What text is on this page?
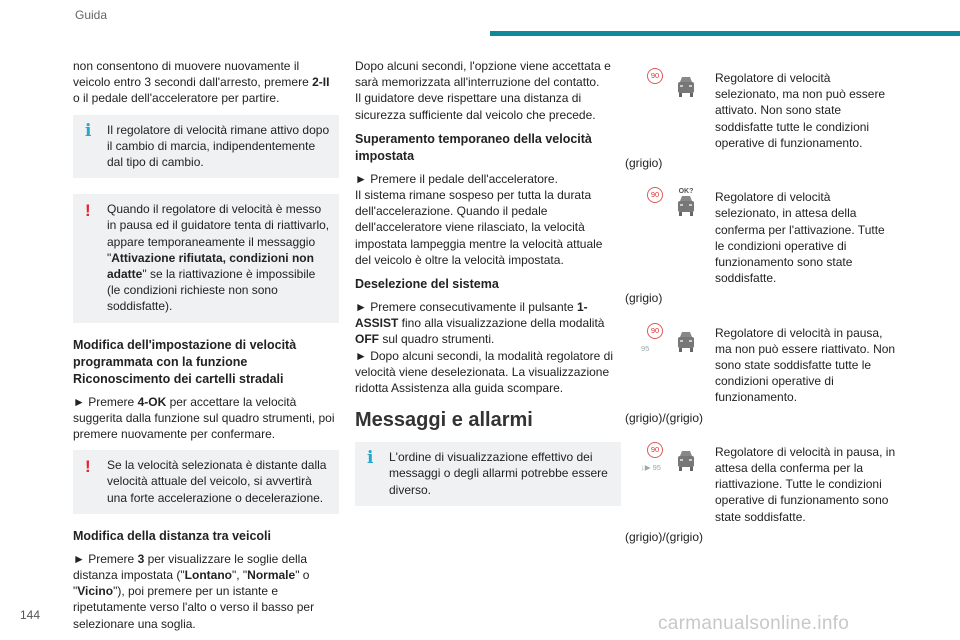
Guida

non consentono di muovere nuovamente il veicolo entro 3 secondi dall'arresto, premere 2-II o il pedale dell'acceleratore per partire.

i	Il regolatore di velocità rimane attivo dopo il cambio di marcia, indipendentemente dal tipo di cambio.
!	Quando il regolatore di velocità è messo in pausa ed il guidatore tenta di riattivarlo, appare temporaneamente il messaggio "Attivazione rifiutata, condizioni non adatte" se la riattivazione è impossibile (le condizioni richieste non sono soddisfatte).
Modifica dell'impostazione di velocità programmata con la funzione Riconoscimento dei cartelli stradali

► Premere 4-OK per accettare la velocità suggerita dalla funzione sul quadro strumenti, poi premere nuovamente per confermare.

!	Se la velocità selezionata è distante dalla velocità attuale del veicolo, si avvertirà una forte accelerazione o decelerazione.
Modifica della distanza tra veicoli

► Premere 3 per visualizzare le soglie della distanza impostata ("Lontano", "Normale" o "Vicino"), poi premere per un istante e ripetutamente verso l'alto o verso il basso per selezionare una soglia.

Dopo alcuni secondi, l'opzione viene accettata e sarà memorizzata all'interruzione del contatto.

Il guidatore deve rispettare una distanza di sicurezza sufficiente dal veicolo che precede.

Superamento temporaneo della velocità impostata

► Premere il pedale dell'acceleratore.

Il sistema rimane sospeso per tutta la durata dell'accelerazione. Quando il pedale dell'acceleratore viene rilasciato, la velocità impostata lampeggia mentre la velocità attuale del veicolo è oltre la velocità impostata.

Deselezione del sistema

► Premere consecutivamente il pulsante 1-ASSIST fino alla visualizzazione della modalità OFF sul quadro strumenti.

► Dopo alcuni secondi, la modalità regolatore di velocità viene deselezionata. La visualizzazione ridotta Assistenza alla guida scompare.

Messaggi e allarmi
i	L'ordine di visualizzazione effettivo dei messaggi o degli allarmi potrebbe essere diverso.
90	Regolatore di velocità selezionato, ma non può essere attivato. Non sono state soddisfatte tutte le condizioni operative di funzionamento.
(grigio)
90	OK? Regolatore di velocità selezionato, in attesa della conferma per l'attivazione. Tutte le condizioni operative di funzionamento sono state soddisfatte.
(grigio)
90
95
Regolatore di velocità in pausa, ma non può essere riattivato. Non sono state soddisfatte tutte le condizioni operative di funzionamento.
(grigio)/(grigio)
90
↓▶ 95
Regolatore di velocità in pausa, in attesa della conferma per la riattivazione. Tutte le condizioni operative di funzionamento sono state soddisfatte.
(grigio)/(grigio)
144	carmanualsonline.info
